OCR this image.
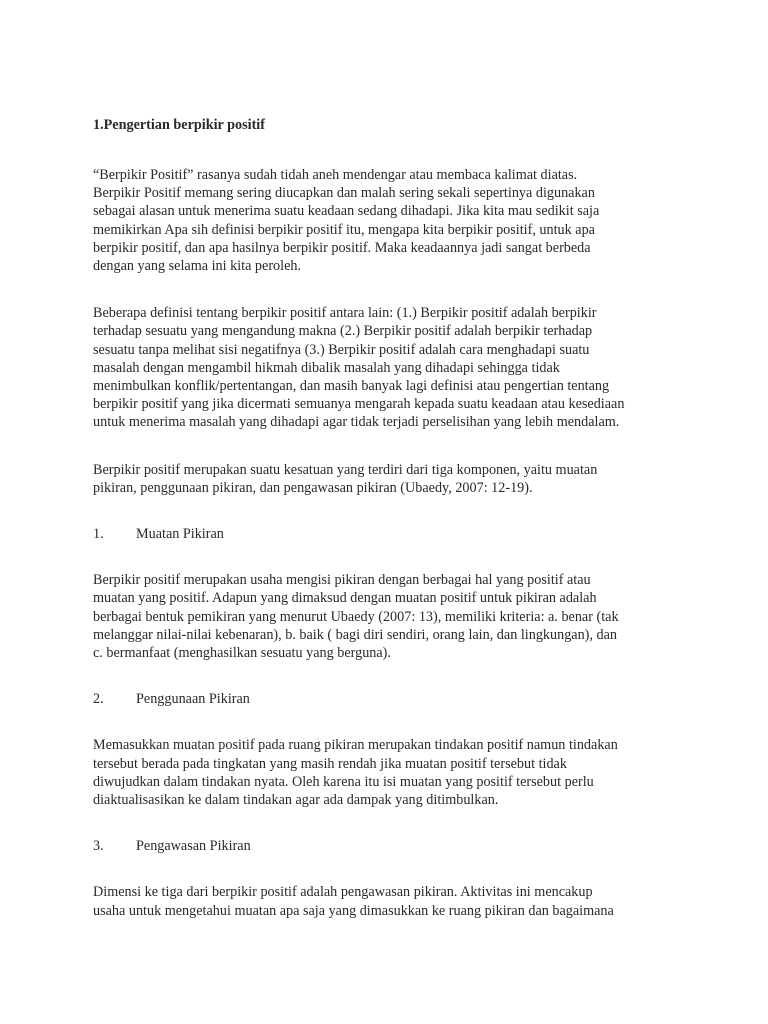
1.Pengertian berpikir positif

“Berpikir Positif” rasanya sudah tidah aneh mendengar atau membaca kalimat diatas.
Berpikir Positif memang sering diucapkan dan malah sering sekali sepertinya digunakan
sebagai alasan untuk menerima suatu keadaan sedang dihadapi. Jika kita mau sedikit saja
memikirkan Apa sih definisi berpikir positif itu, mengapa kita berpikir positif, untuk apa
berpikir positif, dan apa hasilnya berpikir positif. Maka keadaannya jadi sangat berbeda
dengan yang selama ini kita peroleh.

Beberapa definisi tentang berpikir positif antara lain: (1.) Berpikir positif adalah berpikir
terhadap sesuatu yang mengandung makna (2.) Berpikir positif adalah berpikir terhadap
sesuatu tanpa melihat sisi negatifnya (3.) Berpikir positif adalah cara menghadapi suatu
masalah dengan mengambil hikmah dibalik masalah yang dihadapi sehingga tidak
menimbulkan konflik/pertentangan, dan masih banyak lagi definisi atau pengertian tentang
berpikir positif yang jika dicermati semuanya mengarah kepada suatu keadaan atau kesediaan
untuk menerima masalah yang dihadapi agar tidak terjadi perselisihan yang lebih mendalam.

Berpikir positif merupakan suatu kesatuan yang terdiri dari tiga komponen, yaitu muatan
pikiran, penggunaan pikiran, dan pengawasan pikiran (Ubaedy, 2007: 12-19).

1.	Muatan Pikiran

Berpikir positif merupakan usaha mengisi pikiran dengan berbagai hal yang positif atau
muatan yang positif. Adapun yang dimaksud dengan muatan positif untuk pikiran adalah
berbagai bentuk pemikiran yang menurut Ubaedy (2007: 13), memiliki kriteria: a. benar (tak
melanggar nilai-nilai kebenaran), b. baik ( bagi diri sendiri, orang lain, dan lingkungan), dan
c. bermanfaat (menghasilkan sesuatu yang berguna).

2.	Penggunaan Pikiran

Memasukkan muatan positif pada ruang pikiran merupakan tindakan positif namun tindakan
tersebut berada pada tingkatan yang masih rendah jika muatan positif tersebut tidak
diwujudkan dalam tindakan nyata. Oleh karena itu isi muatan yang positif tersebut perlu
diaktualisasikan ke dalam tindakan agar ada dampak yang ditimbulkan.

3.	Pengawasan Pikiran

Dimensi ke tiga dari berpikir positif adalah pengawasan pikiran. Aktivitas ini mencakup
usaha untuk mengetahui muatan apa saja yang dimasukkan ke ruang pikiran dan bagaimana
